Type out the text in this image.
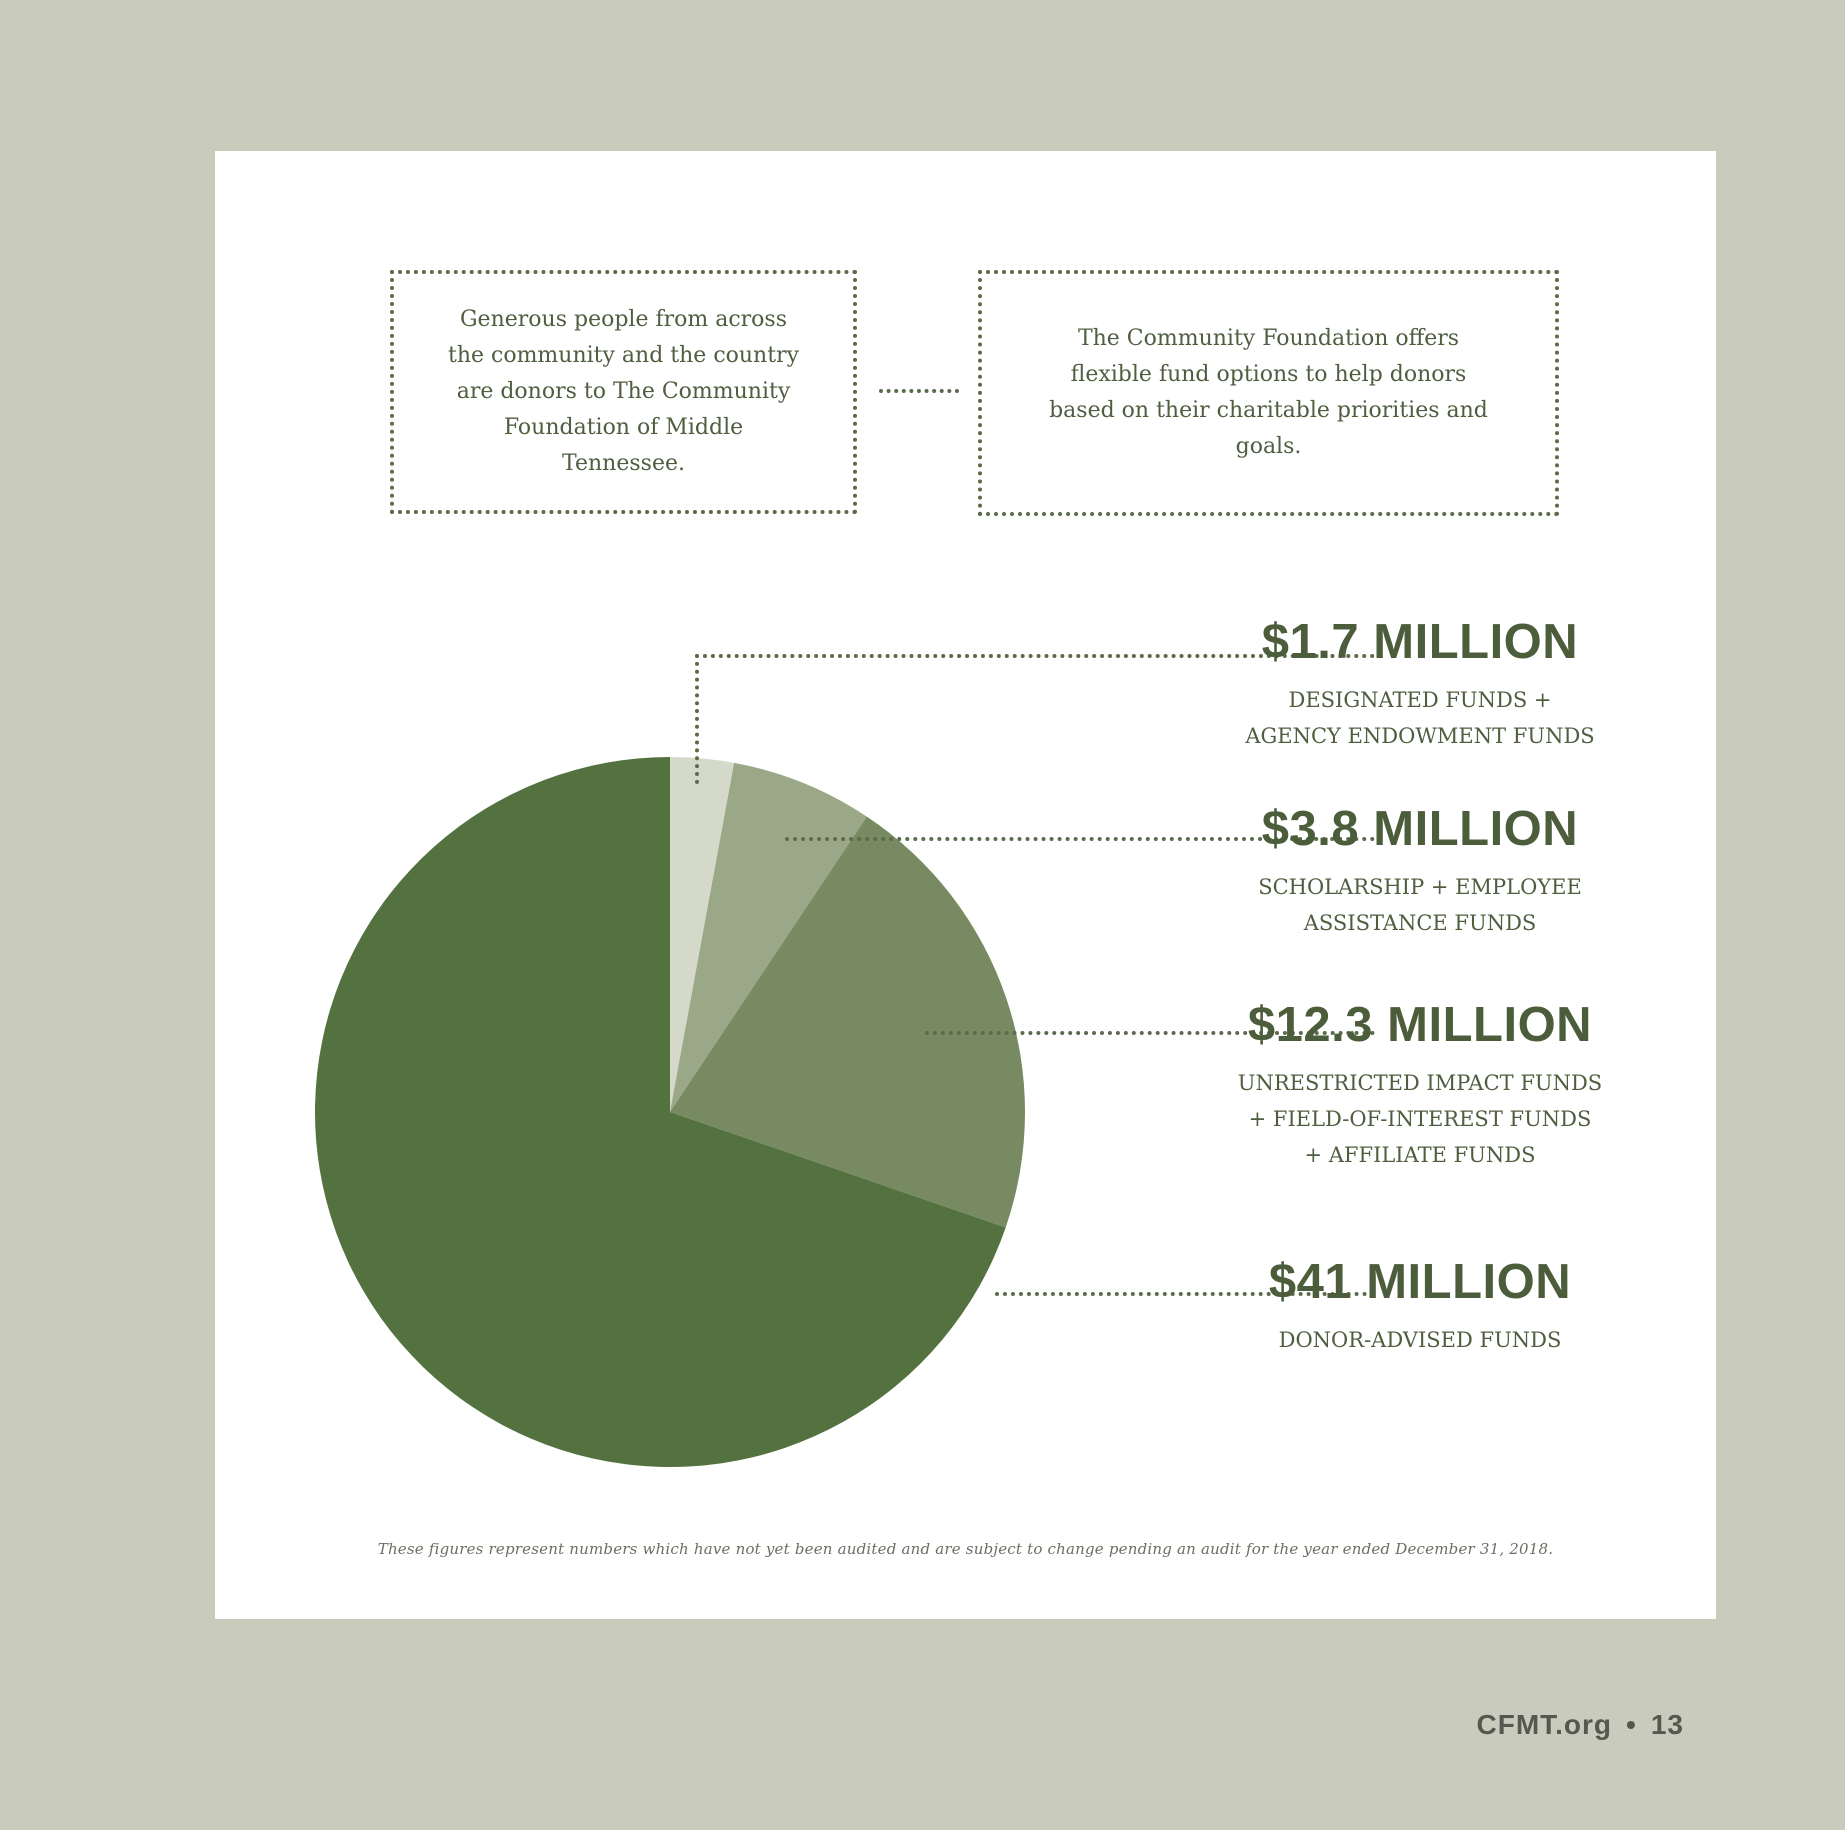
Generous people from across the community and the country are donors to The Community Foundation of Middle Tennessee.
The Community Foundation offers flexible fund options to help donors based on their charitable priorities and goals.
$1.7 MILLION
DESIGNATED FUNDS +
AGENCY ENDOWMENT FUNDS
$3.8 MILLION
SCHOLARSHIP + EMPLOYEE
ASSISTANCE FUNDS
$12.3 MILLION
UNRESTRICTED IMPACT FUNDS
+ FIELD-OF-INTEREST FUNDS
+ AFFILIATE FUNDS
$41 MILLION
DONOR-ADVISED FUNDS
These figures represent numbers which have not yet been audited and are subject to change pending an audit for the year ended December 31, 2018.
CFMT.org • 13
